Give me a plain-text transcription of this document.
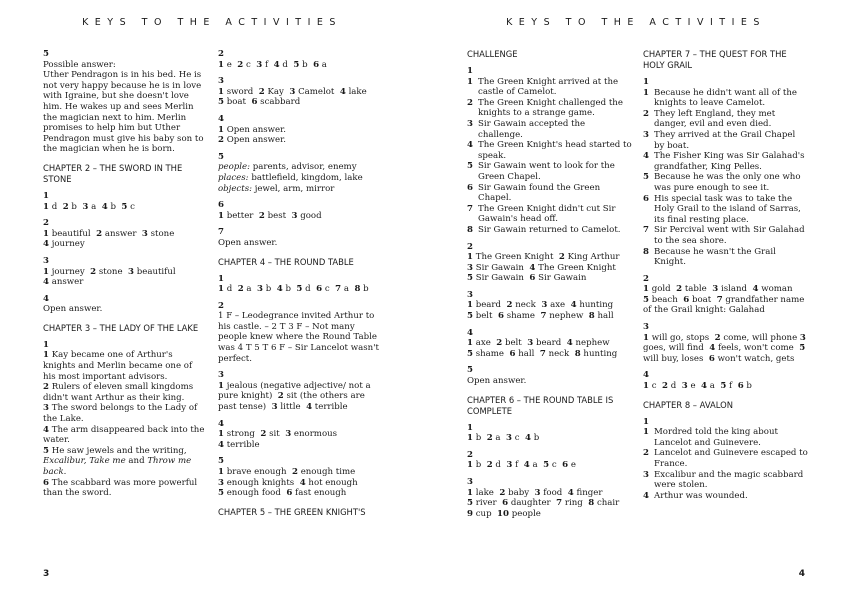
KEYS TO THE ACTIVITIES
5

Possible answer:

Uther Pendragon is in his bed. He is not very happy because he is in love with Igraine, but she doesn't love him. He wakes up and sees Merlin the magician next to him. Merlin promises to help him but Uther Pendragon must give his baby son to the magician when he is born.

CHAPTER 2 – THE SWORD IN THE STONE
1

1 d 2 b 3 a 4 b 5 c

2

1 beautiful 2 answer 3 stone
4 journey

3

1 journey 2 stone 3 beautiful
4 answer

4

Open answer.

CHAPTER 3 – THE LADY OF THE LAKE
1

1 Kay became one of Arthur's knights and Merlin became one of his most important advisors.

2 Rulers of eleven small kingdoms didn't want Arthur as their king.

3 The sword belongs to the Lady of the Lake.

4 The arm disappeared back into the water.

5 He saw jewels and the writing, Excalibur, Take me and Throw me back.

6 The scabbard was more powerful than the sword.

2

1 e 2 c 3 f 4 d 5 b 6 a

3

1 sword 2 Kay 3 Camelot 4 lake
5 boat 6 scabbard

4

1 Open answer.

2 Open answer.

5

people: parents, advisor, enemy

places: battlefield, kingdom, lake

objects: jewel, arm, mirror

6

1 better 2 best 3 good

7

Open answer.

CHAPTER 4 – THE ROUND TABLE
1

1 d 2 a 3 b 4 b 5 d 6 c 7 a 8 b

2

1 F – Leodegrance invited Arthur to his castle. – 2 T 3 F – Not many people knew where the Round Table was 4 T 5 T 6 F – Sir Lancelot wasn't perfect.

3

1 jealous (negative adjective/ not a pure knight) 2 sit (the others are past tense) 3 little 4 terrible

4

1 strong 2 sit 3 enormous
4 terrible

5

1 brave enough 2 enough time
3 enough knights 4 hot enough
5 enough food 6 fast enough

CHAPTER 5 – THE GREEN KNIGHT'S
3
KEYS TO THE ACTIVITIES
CHALLENGE
1
1 The Green Knight arrived at the castle of Camelot.
2 The Green Knight challenged the knights to a strange game.
3 Sir Gawain accepted the challenge.
4 The Green Knight's head started to speak.
5 Sir Gawain went to look for the Green Chapel.
6 Sir Gawain found the Green Chapel.
7 The Green Knight didn't cut Sir Gawain's head off.
8 Sir Gawain returned to Camelot.
2

1 The Green Knight 2 King Arthur
3 Sir Gawain 4 The Green Knight
5 Sir Gawain 6 Sir Gawain

3

1 beard 2 neck 3 axe 4 hunting
5 belt 6 shame 7 nephew 8 hall

4

1 axe 2 belt 3 beard 4 nephew
5 shame 6 hall 7 neck 8 hunting

5

Open answer.

CHAPTER 6 – THE ROUND TABLE IS COMPLETE
1

1 b 2 a 3 c 4 b

2

1 b 2 d 3 f 4 a 5 c 6 e

3

1 lake 2 baby 3 food 4 finger
5 river 6 daughter 7 ring 8 chair
9 cup 10 people

CHAPTER 7 – THE QUEST FOR THE HOLY GRAIL
1
1 Because he didn't want all of the knights to leave Camelot.
2 They left England, they met danger, evil and even died.
3 They arrived at the Grail Chapel by boat.
4 The Fisher King was Sir Galahad's grandfather, King Pelles.
5 Because he was the only one who was pure enough to see it.
6 His special task was to take the Holy Grail to the island of Sarras, its final resting place.
7 Sir Percival went with Sir Galahad to the sea shore.
8 Because he wasn't the Grail Knight.
2

1 gold 2 table 3 island 4 woman
5 beach 6 boat 7 grandfather name of the Grail knight: Galahad

3

1 will go, stops 2 come, will phone 3 goes, will find 4 feels, won't come 5 will buy, loses 6 won't watch, gets

4

1 c 2 d 3 e 4 a 5 f 6 b

CHAPTER 8 – AVALON
1
1 Mordred told the king about Lancelot and Guinevere.
2 Lancelot and Guinevere escaped to France.
3 Excalibur and the magic scabbard were stolen.
4 Arthur was wounded.
4
